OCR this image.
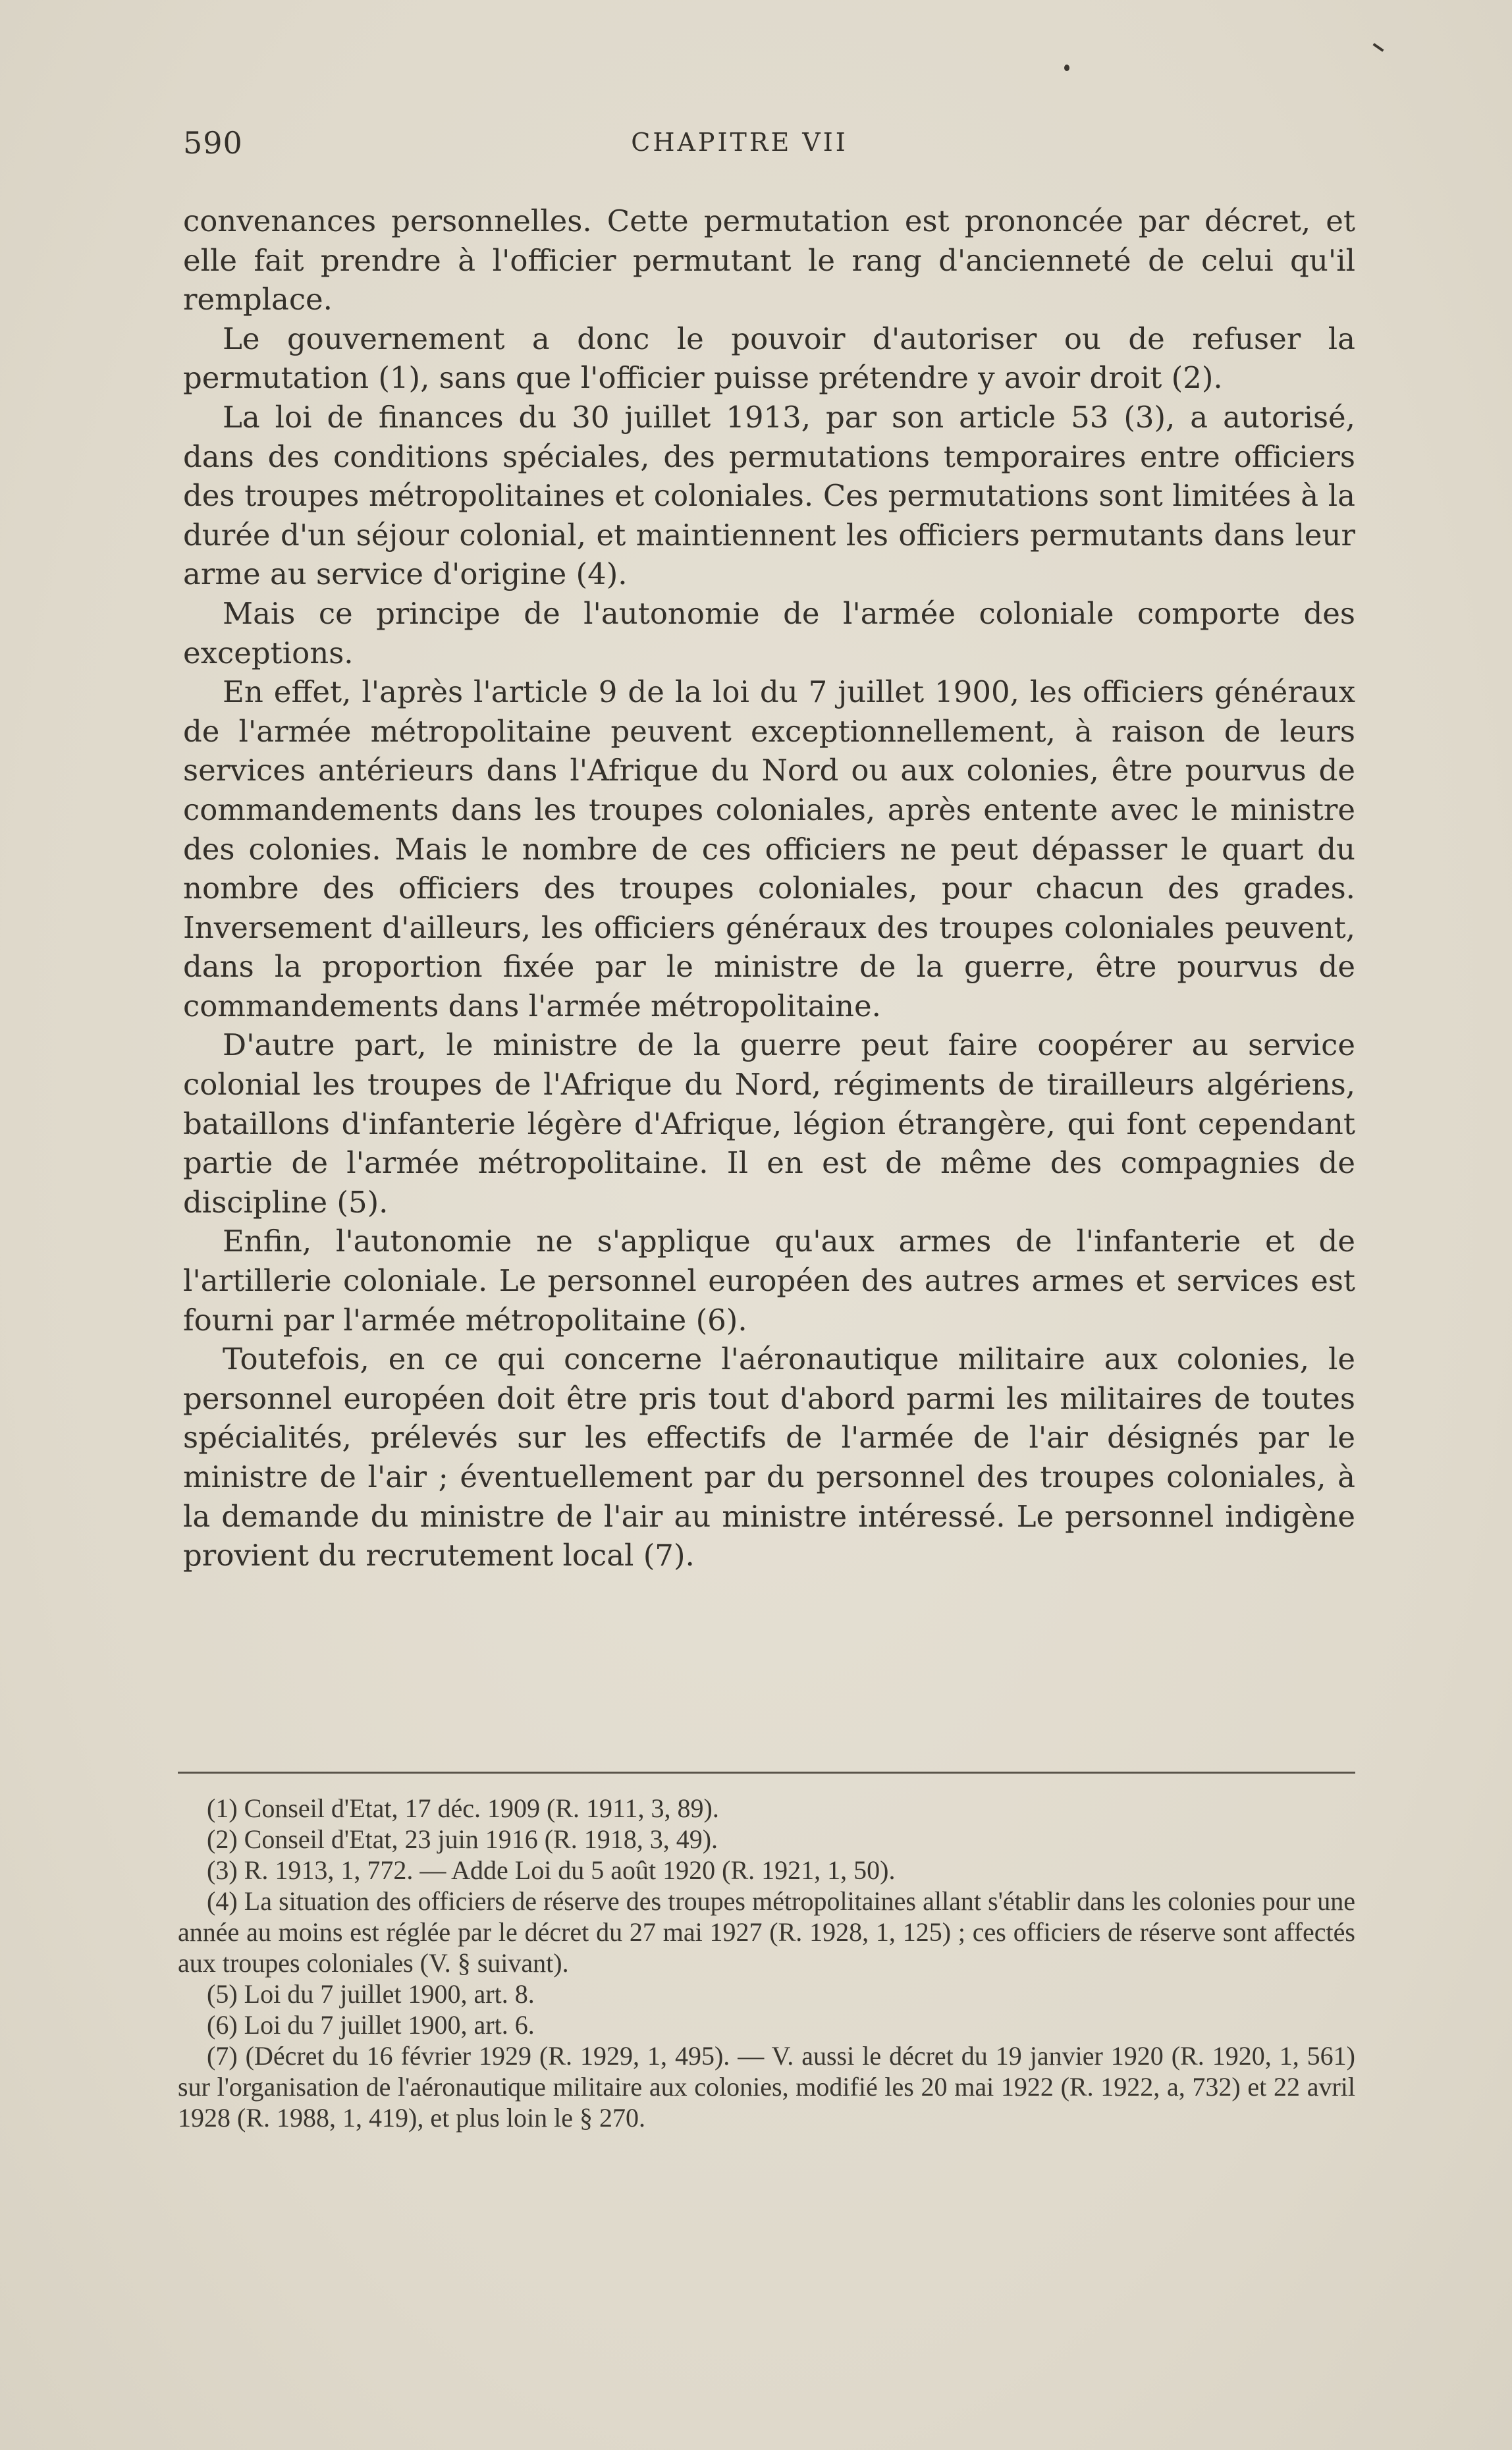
590	CHAPITRE VII

convenances personnelles. Cette permutation est prononcée par décret, et elle fait prendre à l'officier permutant le rang d'ancienneté de celui qu'il remplace.

Le gouvernement a donc le pouvoir d'autoriser ou de refuser la permutation (1), sans que l'officier puisse prétendre y avoir droit (2).

La loi de finances du 30 juillet 1913, par son article 53 (3), a autorisé, dans des conditions spéciales, des permutations temporaires entre officiers des troupes métropolitaines et coloniales. Ces permutations sont limitées à la durée d'un séjour colonial, et maintiennent les officiers permutants dans leur arme au service d'origine (4).

Mais ce principe de l'autonomie de l'armée coloniale comporte des exceptions.

En effet, l'après l'article 9 de la loi du 7 juillet 1900, les officiers généraux de l'armée métropolitaine peuvent exceptionnellement, à raison de leurs services antérieurs dans l'Afrique du Nord ou aux colonies, être pourvus de commandements dans les troupes coloniales, après entente avec le ministre des colonies. Mais le nombre de ces officiers ne peut dépasser le quart du nombre des officiers des troupes coloniales, pour chacun des grades. Inversement d'ailleurs, les officiers généraux des troupes coloniales peuvent, dans la proportion fixée par le ministre de la guerre, être pourvus de commandements dans l'armée métropolitaine.

D'autre part, le ministre de la guerre peut faire coopérer au service colonial les troupes de l'Afrique du Nord, régiments de tirailleurs algériens, bataillons d'infanterie légère d'Afrique, légion étrangère, qui font cependant partie de l'armée métropolitaine. Il en est de même des compagnies de discipline (5).

Enfin, l'autonomie ne s'applique qu'aux armes de l'infanterie et de l'artillerie coloniale. Le personnel européen des autres armes et services est fourni par l'armée métropolitaine (6).

Toutefois, en ce qui concerne l'aéronautique militaire aux colonies, le personnel européen doit être pris tout d'abord parmi les militaires de toutes spécialités, prélevés sur les effectifs de l'armée de l'air désignés par le ministre de l'air ; éventuellement par du personnel des troupes coloniales, à la demande du ministre de l'air au ministre intéressé. Le personnel indigène provient du recrutement local (7).

(1) Conseil d'Etat, 17 déc. 1909 (R. 1911, 3, 89).

(2) Conseil d'Etat, 23 juin 1916 (R. 1918, 3, 49).

(3) R. 1913, 1, 772. — Adde Loi du 5 août 1920 (R. 1921, 1, 50).

(4) La situation des officiers de réserve des troupes métropolitaines allant s'établir dans les colonies pour une année au moins est réglée par le décret du 27 mai 1927 (R. 1928, 1, 125) ; ces officiers de réserve sont affectés aux troupes coloniales (V. § suivant).

(5) Loi du 7 juillet 1900, art. 8.

(6) Loi du 7 juillet 1900, art. 6.

(7) (Décret du 16 février 1929 (R. 1929, 1, 495). — V. aussi le décret du 19 janvier 1920 (R. 1920, 1, 561) sur l'organisation de l'aéronautique militaire aux colonies, modifié les 20 mai 1922 (R. 1922, a, 732) et 22 avril 1928 (R. 1988, 1, 419), et plus loin le § 270.
